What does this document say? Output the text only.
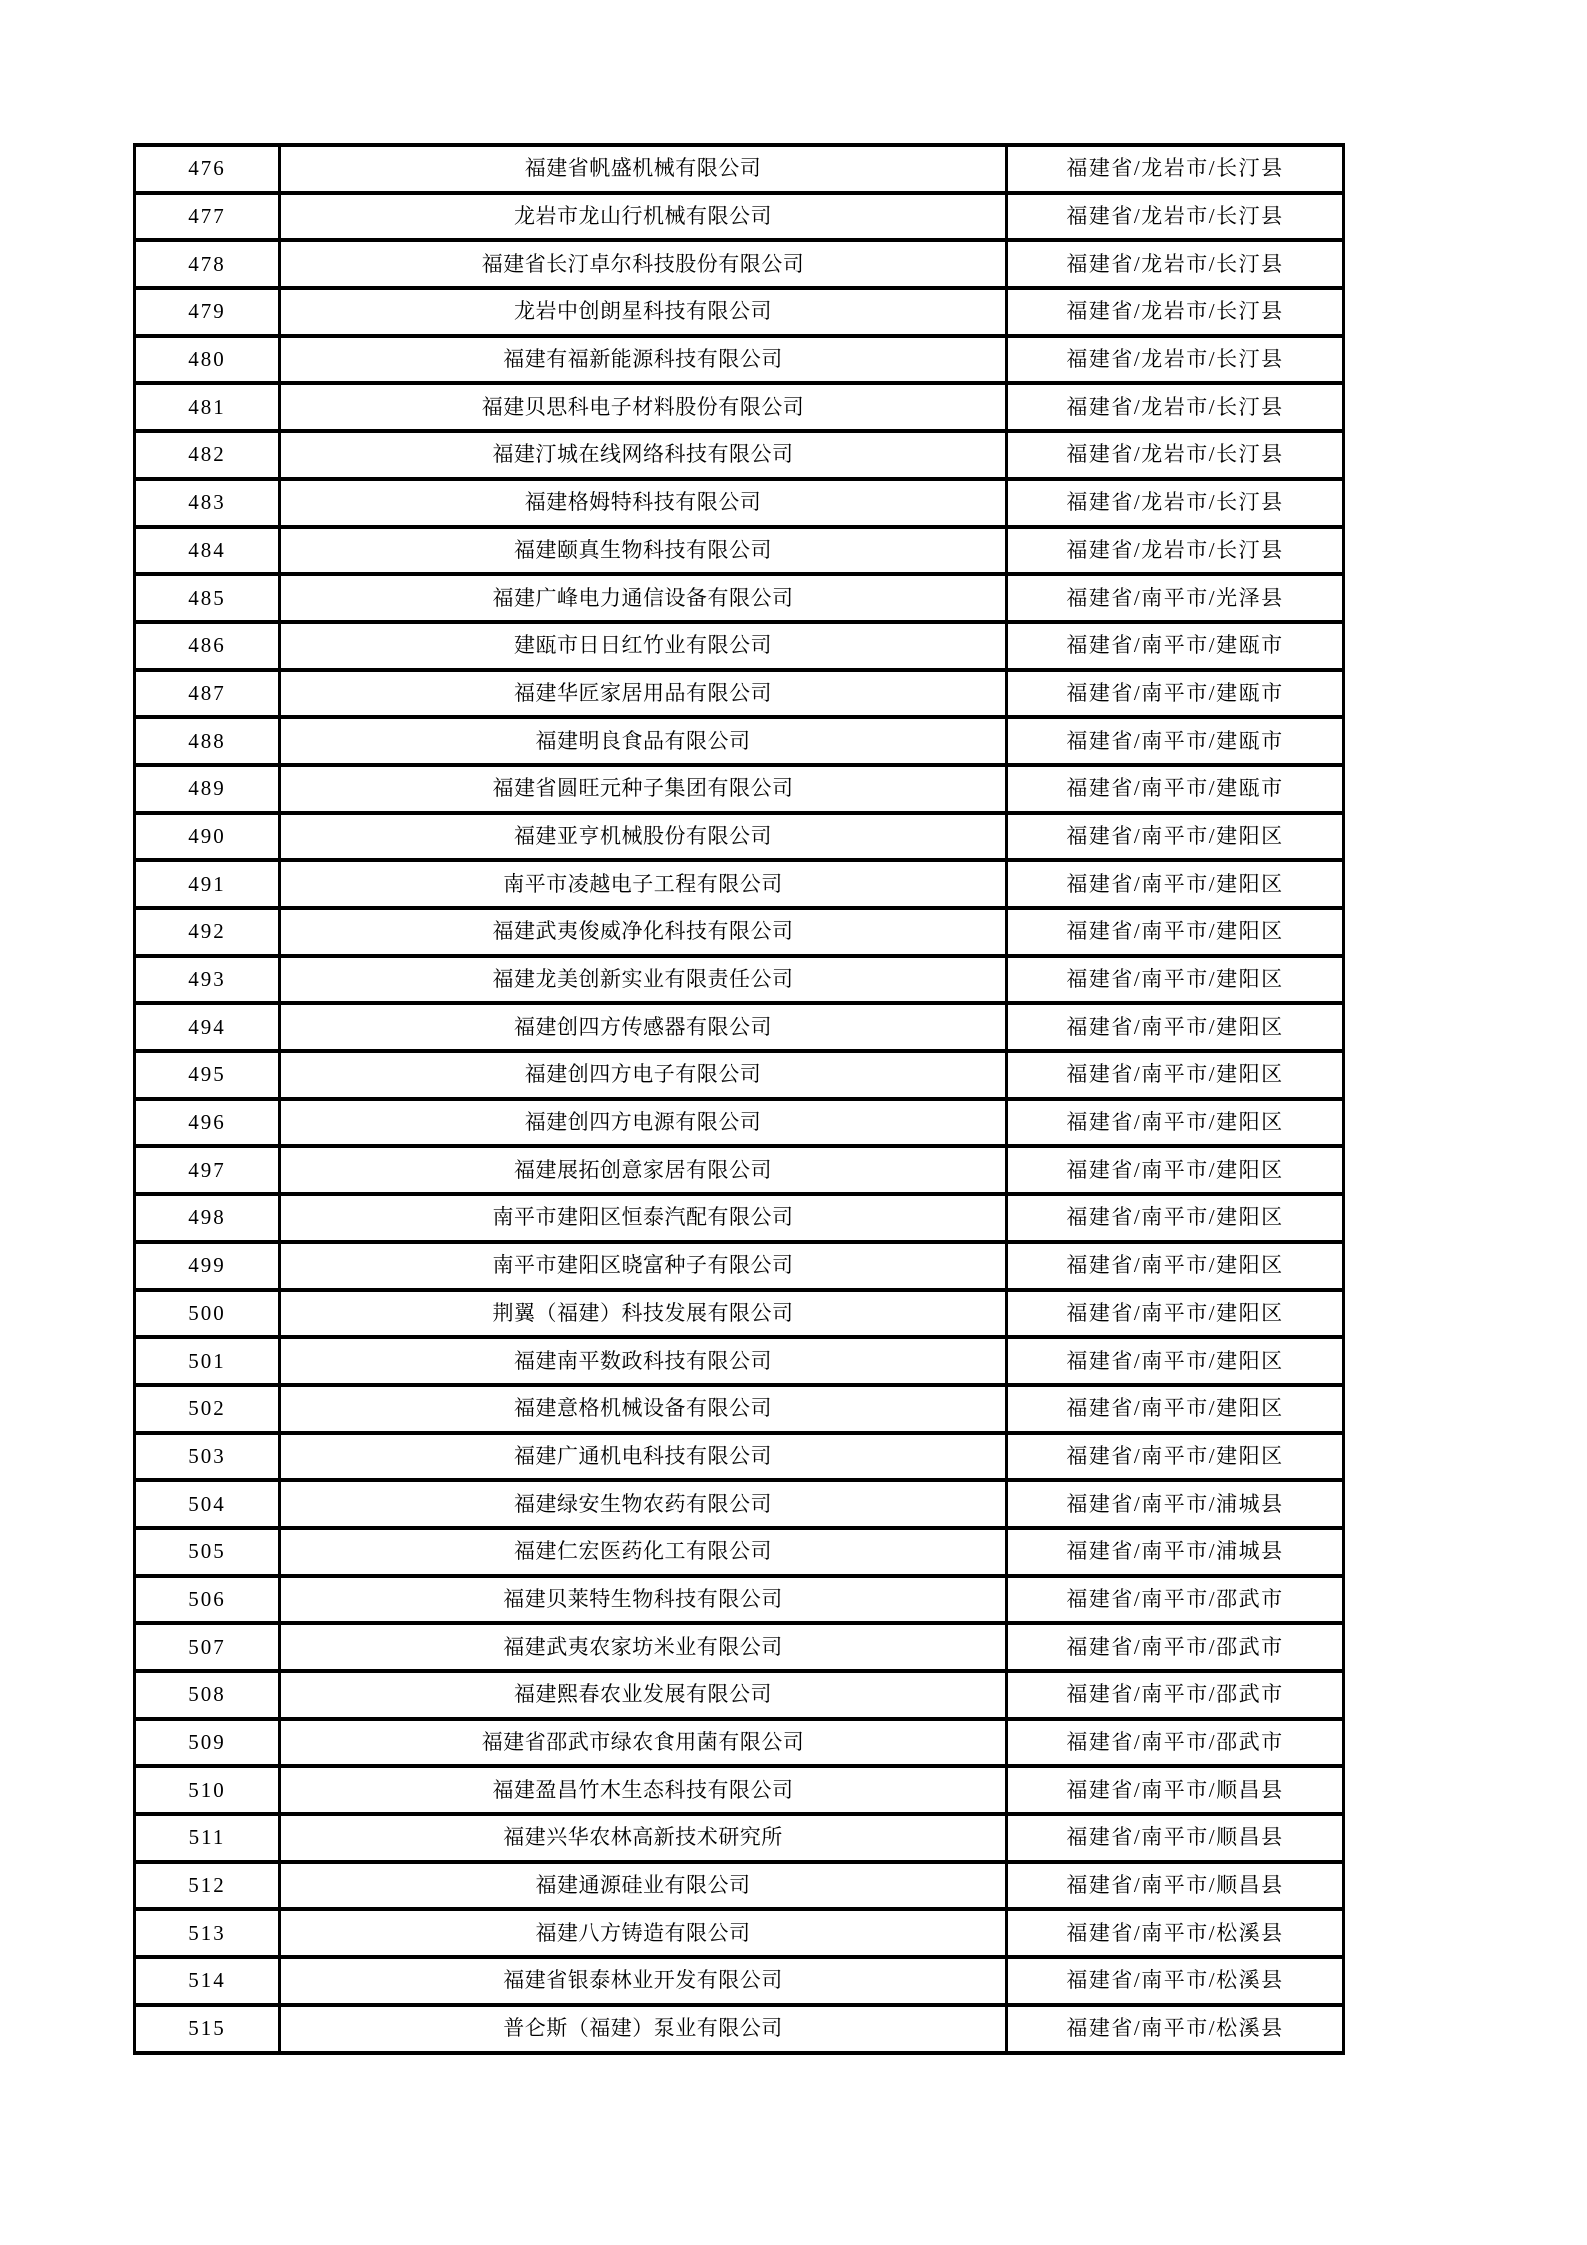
476	福建省帆盛机械有限公司	福建省/龙岩市/长汀县
477	龙岩市龙山行机械有限公司	福建省/龙岩市/长汀县
478	福建省长汀卓尔科技股份有限公司	福建省/龙岩市/长汀县
479	龙岩中创朗星科技有限公司	福建省/龙岩市/长汀县
480	福建有福新能源科技有限公司	福建省/龙岩市/长汀县
481	福建贝思科电子材料股份有限公司	福建省/龙岩市/长汀县
482	福建汀城在线网络科技有限公司	福建省/龙岩市/长汀县
483	福建格姆特科技有限公司	福建省/龙岩市/长汀县
484	福建颐真生物科技有限公司	福建省/龙岩市/长汀县
485	福建广峰电力通信设备有限公司	福建省/南平市/光泽县
486	建瓯市日日红竹业有限公司	福建省/南平市/建瓯市
487	福建华匠家居用品有限公司	福建省/南平市/建瓯市
488	福建明良食品有限公司	福建省/南平市/建瓯市
489	福建省圆旺元种子集团有限公司	福建省/南平市/建瓯市
490	福建亚亨机械股份有限公司	福建省/南平市/建阳区
491	南平市凌越电子工程有限公司	福建省/南平市/建阳区
492	福建武夷俊威净化科技有限公司	福建省/南平市/建阳区
493	福建龙美创新实业有限责任公司	福建省/南平市/建阳区
494	福建创四方传感器有限公司	福建省/南平市/建阳区
495	福建创四方电子有限公司	福建省/南平市/建阳区
496	福建创四方电源有限公司	福建省/南平市/建阳区
497	福建展拓创意家居有限公司	福建省/南平市/建阳区
498	南平市建阳区恒泰汽配有限公司	福建省/南平市/建阳区
499	南平市建阳区晓富种子有限公司	福建省/南平市/建阳区
500	荆翼（福建）科技发展有限公司	福建省/南平市/建阳区
501	福建南平数政科技有限公司	福建省/南平市/建阳区
502	福建意格机械设备有限公司	福建省/南平市/建阳区
503	福建广通机电科技有限公司	福建省/南平市/建阳区
504	福建绿安生物农药有限公司	福建省/南平市/浦城县
505	福建仁宏医药化工有限公司	福建省/南平市/浦城县
506	福建贝莱特生物科技有限公司	福建省/南平市/邵武市
507	福建武夷农家坊米业有限公司	福建省/南平市/邵武市
508	福建熙春农业发展有限公司	福建省/南平市/邵武市
509	福建省邵武市绿农食用菌有限公司	福建省/南平市/邵武市
510	福建盈昌竹木生态科技有限公司	福建省/南平市/顺昌县
511	福建兴华农林高新技术研究所	福建省/南平市/顺昌县
512	福建通源硅业有限公司	福建省/南平市/顺昌县
513	福建八方铸造有限公司	福建省/南平市/松溪县
514	福建省银泰林业开发有限公司	福建省/南平市/松溪县
515	普仑斯（福建）泵业有限公司	福建省/南平市/松溪县
